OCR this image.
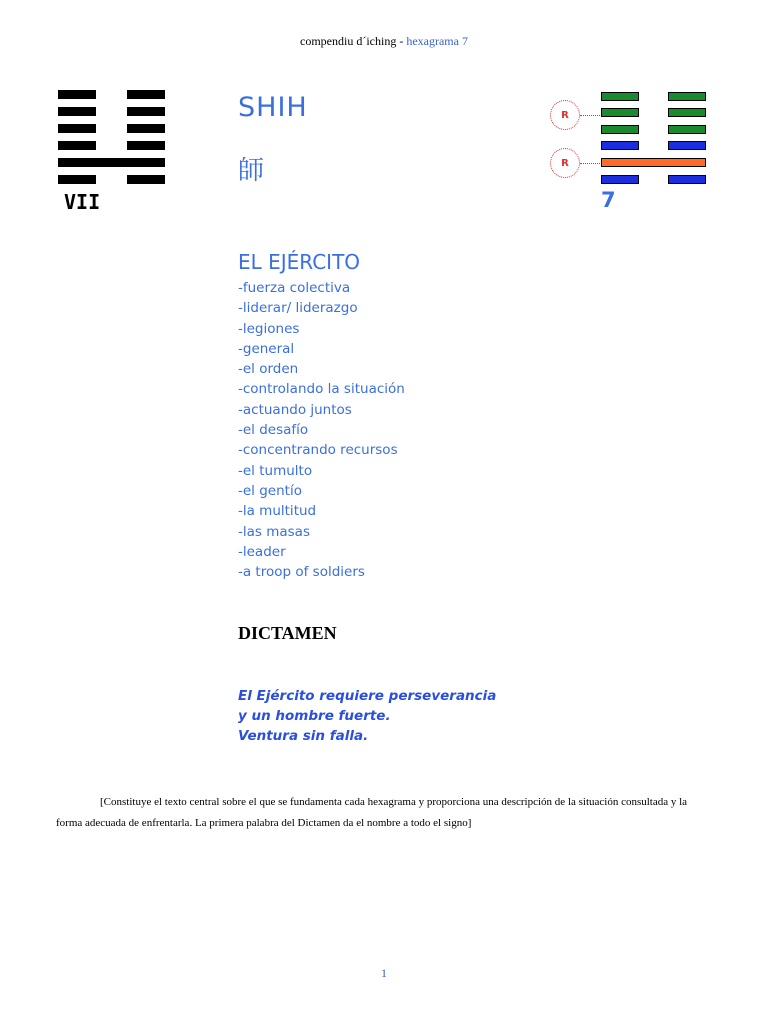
compendiu d´iching - hexagrama 7
VII
SHIH
師
R
R
7
EL EJÉRCITO
-fuerza colectiva
-liderar/ liderazgo
-legiones
-general
-el orden
-controlando la situación
-actuando juntos
-el desafío
-concentrando recursos
-el tumulto
-el gentío
-la multitud
-las masas
-leader
-a troop of soldiers
DICTAMEN
El Ejército requiere perseverancia
y un hombre fuerte.
Ventura sin falla.
[Constituye el texto central sobre el que se fundamenta cada hexagrama y proporciona una descripción de la situación consultada y la forma adecuada de enfrentarla. La primera palabra del Dictamen da el nombre a todo el signo]
1
